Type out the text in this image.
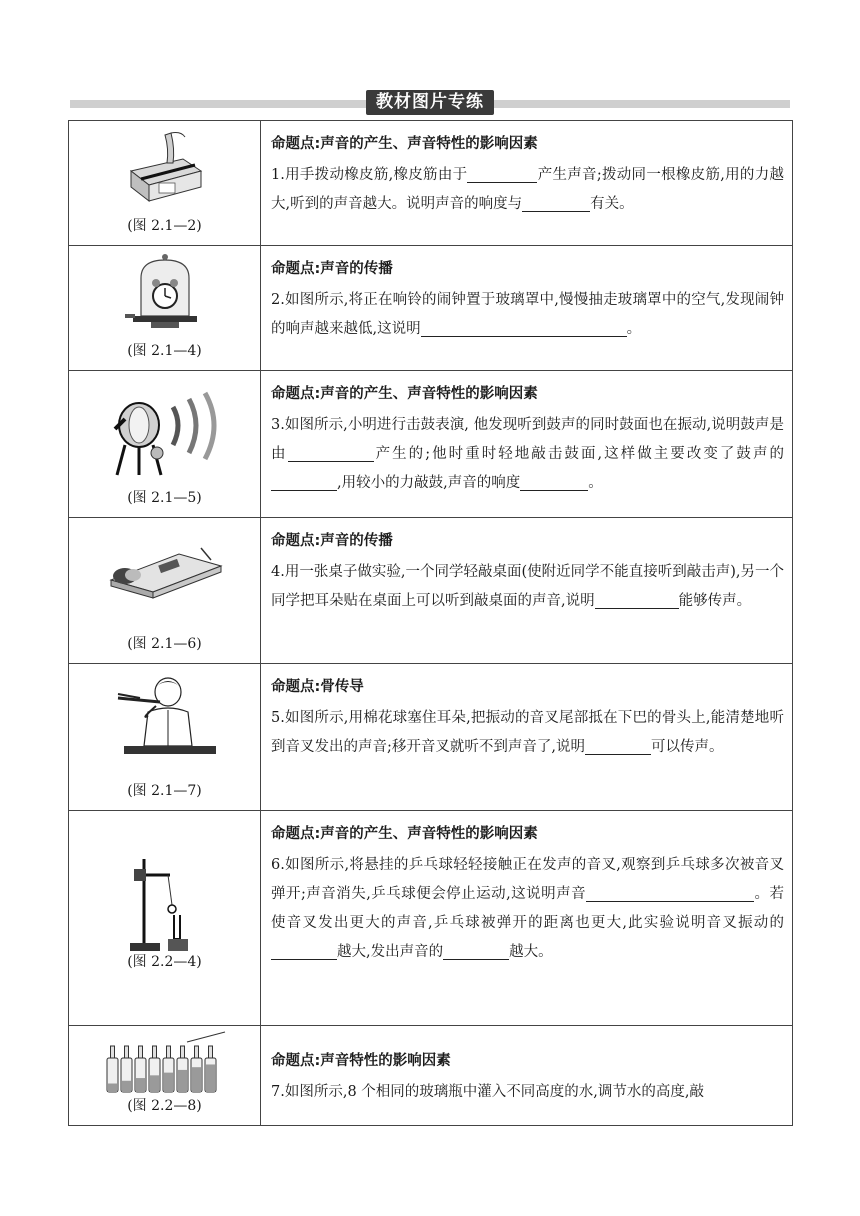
教材图片专练
(图 2.1—2)
命题点:声音的产生、声音特性的影响因素
1.用手拨动橡皮筋,橡皮筋由于	产生声音;拨动同一根橡皮筋,用的力越大,听到的声音越大。说明声音的响度与	有关。
(图 2.1—4)
命题点:声音的传播
2.如图所示,将正在响铃的闹钟置于玻璃罩中,慢慢抽走玻璃罩中的空气,发现闹钟的响声越来越低,这说明	。
(图 2.1—5)
命题点:声音的产生、声音特性的影响因素
3.如图所示,小明进行击鼓表演, 他发现听到鼓声的同时鼓面也在振动,说明鼓声是由	产生的;他时重时轻地敲击鼓面,这样做主要改变了鼓声的,用较小的力敲鼓,声音的响度	。
(图 2.1—6)
命题点:声音的传播
4.用一张桌子做实验,一个同学轻敲桌面(使附近同学不能直接听到敲击声),另一个同学把耳朵贴在桌面上可以听到敲桌面的声音,说明	能够传声。
(图 2.1—7)
命题点:骨传导
5.如图所示,用棉花球塞住耳朵,把振动的音叉尾部抵在下巴的骨头上,能清楚地听到音叉发出的声音;移开音叉就听不到声音了,说明	可以传声。
(图 2.2—4)
命题点:声音的产生、声音特性的影响因素
6.如图所示,将悬挂的乒乓球轻轻接触正在发声的音叉,观察到乒乓球多次被音叉弹开;声音消失,乒乓球便会停止运动,这说明声音	。若使音叉发出更大的声音,乒乓球被弹开的距离也更大,此实验说明音叉振动的越大,发出声音的	越大。
(图 2.2—8)
命题点:声音特性的影响因素
7.如图所示,8 个相同的玻璃瓶中灌入不同高度的水,调节水的高度,敲
